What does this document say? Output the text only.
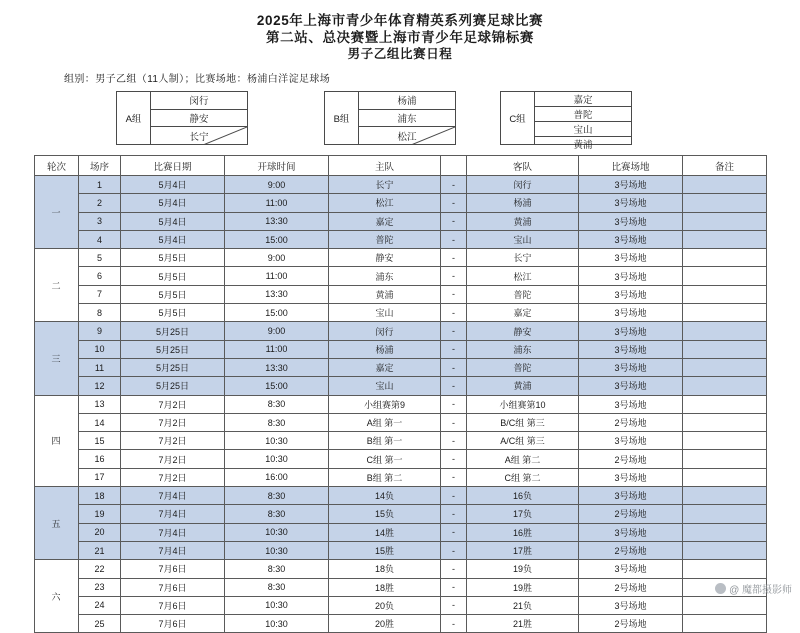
2025年上海市青少年体育精英系列赛足球比赛
第二站、总决赛暨上海市青少年足球锦标赛
男子乙组比赛日程
组别：男子乙组（11人制）；比赛场地：杨浦白洋淀足球场
A组
闵行
静安
长宁
B组
杨浦
浦东
松江
C组
嘉定
普陀
宝山
黄浦
轮次	场序	比赛日期	开球时间	主队		客队	比赛场地	备注
一	1	5月4日	9:00	长宁	-	闵行	3号场地	
	2	5月4日	11:00	松江	-	杨浦	3号场地	
	3	5月4日	13:30	嘉定	-	黄浦	3号场地	
	4	5月4日	15:00	普陀	-	宝山	3号场地	
二	5	5月5日	9:00	静安	-	长宁	3号场地	
	6	5月5日	11:00	浦东	-	松江	3号场地	
	7	5月5日	13:30	黄浦	-	普陀	3号场地	
	8	5月5日	15:00	宝山	-	嘉定	3号场地	
三	9	5月25日	9:00	闵行	-	静安	3号场地	
	10	5月25日	11:00	杨浦	-	浦东	3号场地	
	11	5月25日	13:30	嘉定	-	普陀	3号场地	
	12	5月25日	15:00	宝山	-	黄浦	3号场地	
四	13	7月2日	8:30	小组赛第9	-	小组赛第10	3号场地	
	14	7月2日	8:30	A组 第一	-	B/C组 第三	2号场地	
	15	7月2日	10:30	B组 第一	-	A/C组 第三	3号场地	
	16	7月2日	10:30	C组 第一	-	A组 第二	2号场地	
	17	7月2日	16:00	B组 第二	-	C组 第二	3号场地	
五	18	7月4日	8:30	14负	-	16负	3号场地	
	19	7月4日	8:30	15负	-	17负	2号场地	
	20	7月4日	10:30	14胜	-	16胜	3号场地	
	21	7月4日	10:30	15胜	-	17胜	2号场地	
六	22	7月6日	8:30	18负	-	19负	3号场地	
	23	7月6日	8:30	18胜	-	19胜	2号场地	
	24	7月6日	10:30	20负	-	21负	3号场地	
	25	7月6日	10:30	20胜	-	21胜	2号场地	
@ 魔都摄影师
